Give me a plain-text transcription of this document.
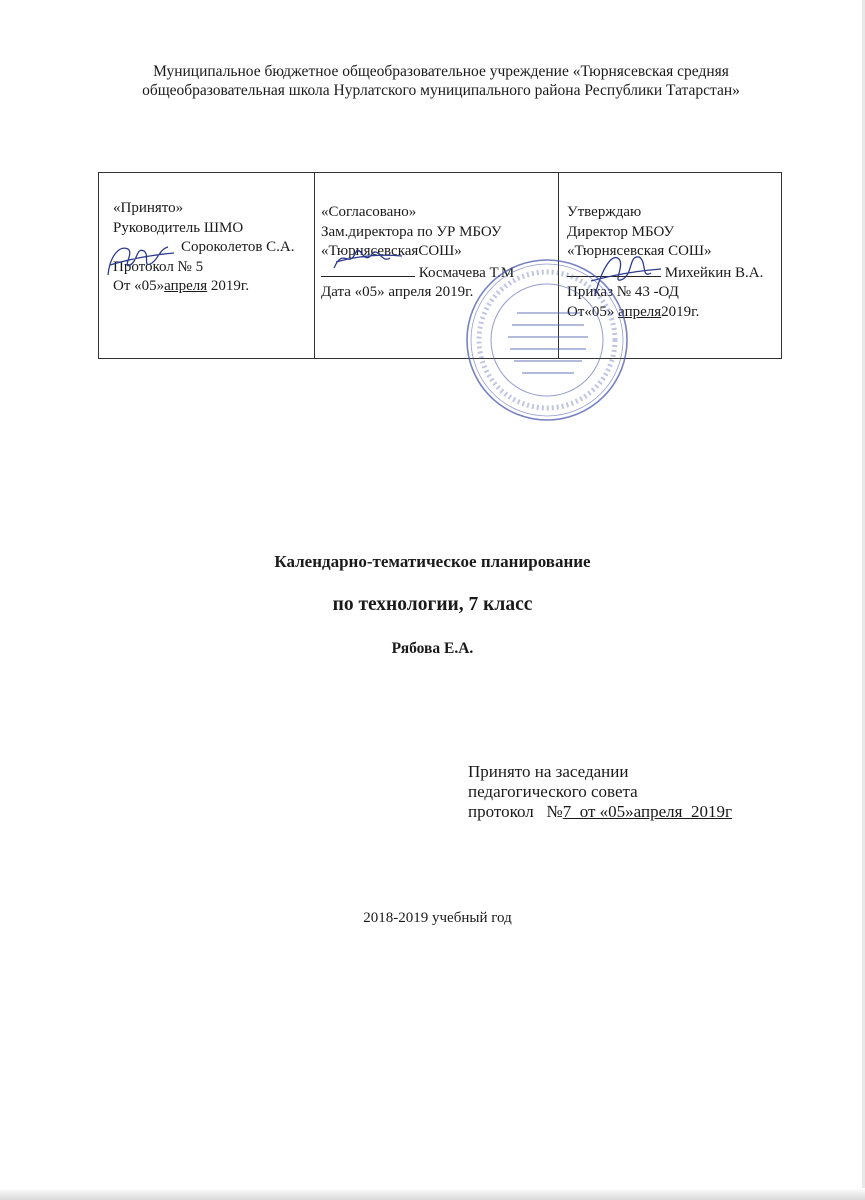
Муниципальное бюджетное общеобразовательное учреждение «Тюрнясевская средняя
общеобразовательная школа Нурлатского муниципального района Республики Татарстан»
«Принято»
Руководитель ШМО
Сороколетов С.А.
Протокол № 5
От «05»апреля 2019г.

«Согласовано»
Зам.директора по УР МБОУ
«ТюрнясевскаяСОШ»
Космачева Т.М
Дата «05» апреля 2019г.

Утверждаю
Директор МБОУ
«Тюрнясевская СОШ»
Михейкин В.А.
Приказ № 43 -ОД
От«05» апреля2019г.
Календарно-тематическое планирование
по технологии, 7 класс
Рябова Е.А.
Принято на заседании
педагогического совета
протокол   №7  от «05»апреля  2019г
2018-2019 учебный год
